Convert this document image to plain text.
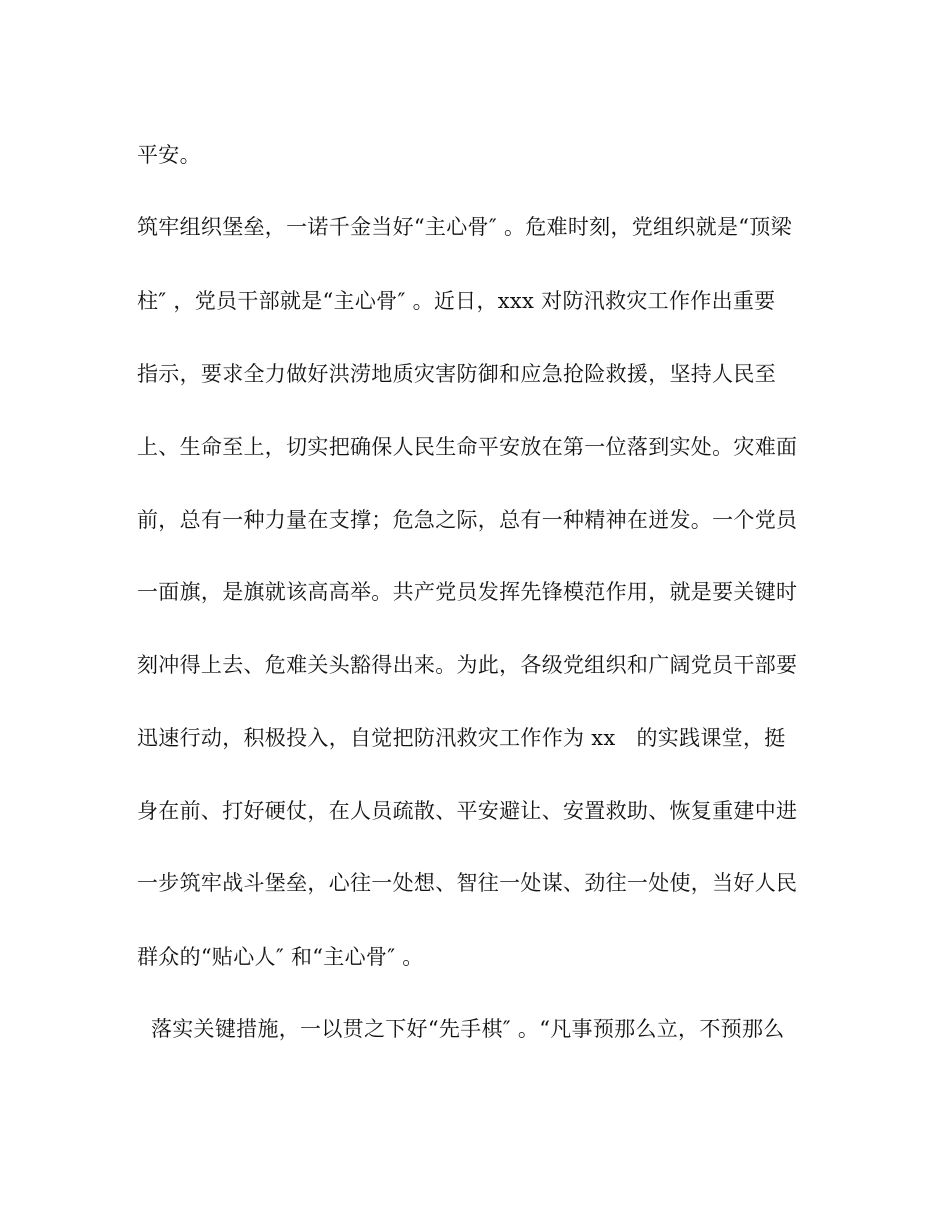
平安。

筑牢组织堡垒，一诺千金当好“主心骨″ 。危难时刻，党组织就是“顶梁

柱″ ，党员干部就是“主心骨″ 。近日，xxx 对防汛救灾工作作出重要

指示，要求全力做好洪涝地质灾害防御和应急抢险救援，坚持人民至

上、生命至上，切实把确保人民生命平安放在第一位落到实处。灾难面

前，总有一种力量在支撑；危急之际，总有一种精神在迸发。一个党员

一面旗，是旗就该高高举。共产党员发挥先锋模范作用，就是要关键时

刻冲得上去、危难关头豁得出来。为此，各级党组织和广阔党员干部要

迅速行动，积极投入，自觉把防汛救灾工作作为 xx   的实践课堂，挺

身在前、打好硬仗，在人员疏散、平安避让、安置救助、恢复重建中进

一步筑牢战斗堡垒，心往一处想、智往一处谋、劲往一处使，当好人民

群众的“贴心人″ 和“主心骨″ 。

落实关键措施，一以贯之下好“先手棋″ 。“凡事预那么立，不预那么
